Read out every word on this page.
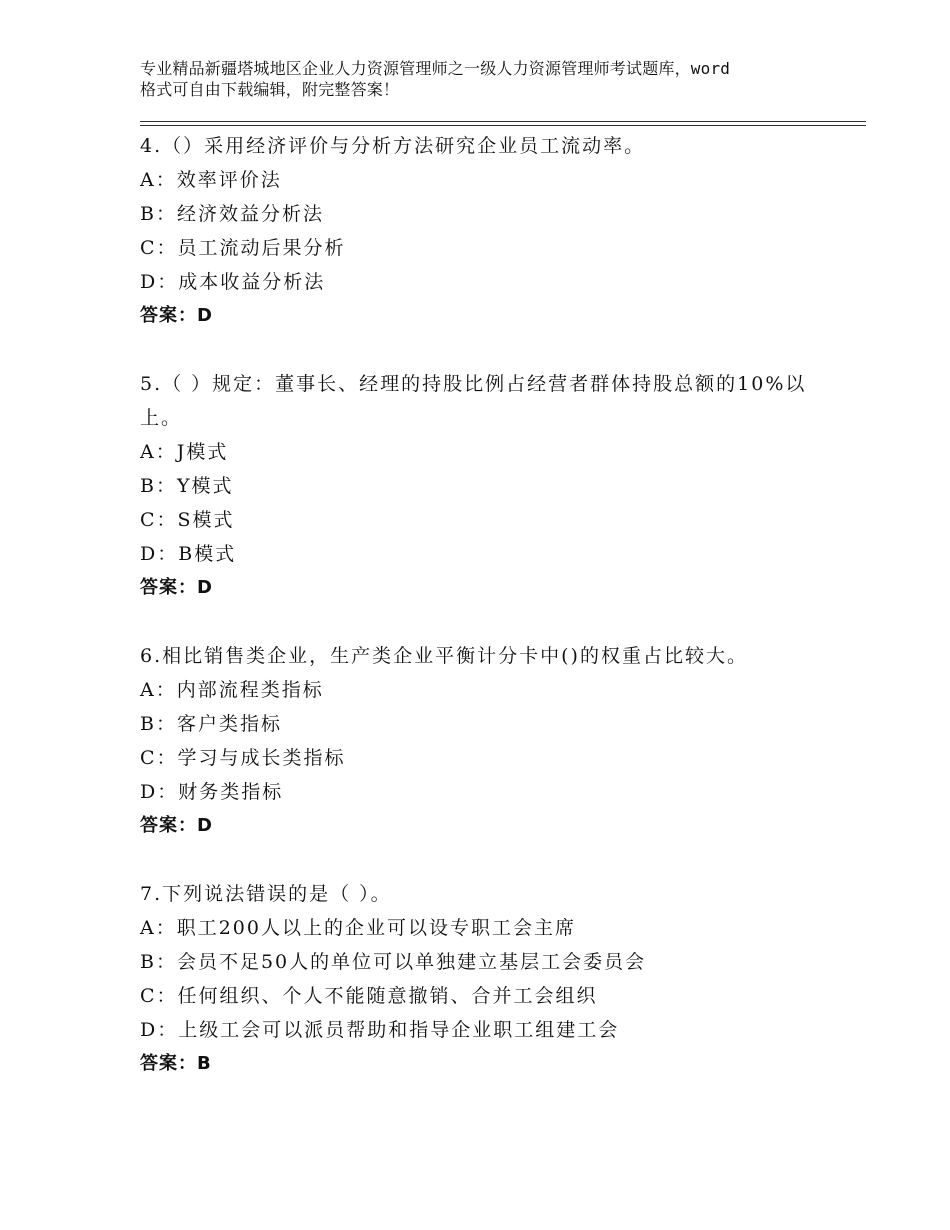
专业精品新疆塔城地区企业人力资源管理师之一级人力资源管理师考试题库，word
格式可自由下载编辑，附完整答案！
4.（）采用经济评价与分析方法研究企业员工流动率。
A：效率评价法
B：经济效益分析法
C：员工流动后果分析
D：成本收益分析法
答案：D
5.（ ）规定：董事长、经理的持股比例占经营者群体持股总额的10%以上。
A：J模式
B：Y模式
C：S模式
D：B模式
答案：D
6.相比销售类企业，生产类企业平衡计分卡中()的权重占比较大。
A：内部流程类指标
B：客户类指标
C：学习与成长类指标
D：财务类指标
答案：D
7.下列说法错误的是（ ）。
A：职工200人以上的企业可以设专职工会主席
B：会员不足50人的单位可以单独建立基层工会委员会
C：任何组织、个人不能随意撤销、合并工会组织
D：上级工会可以派员帮助和指导企业职工组建工会
答案：B
